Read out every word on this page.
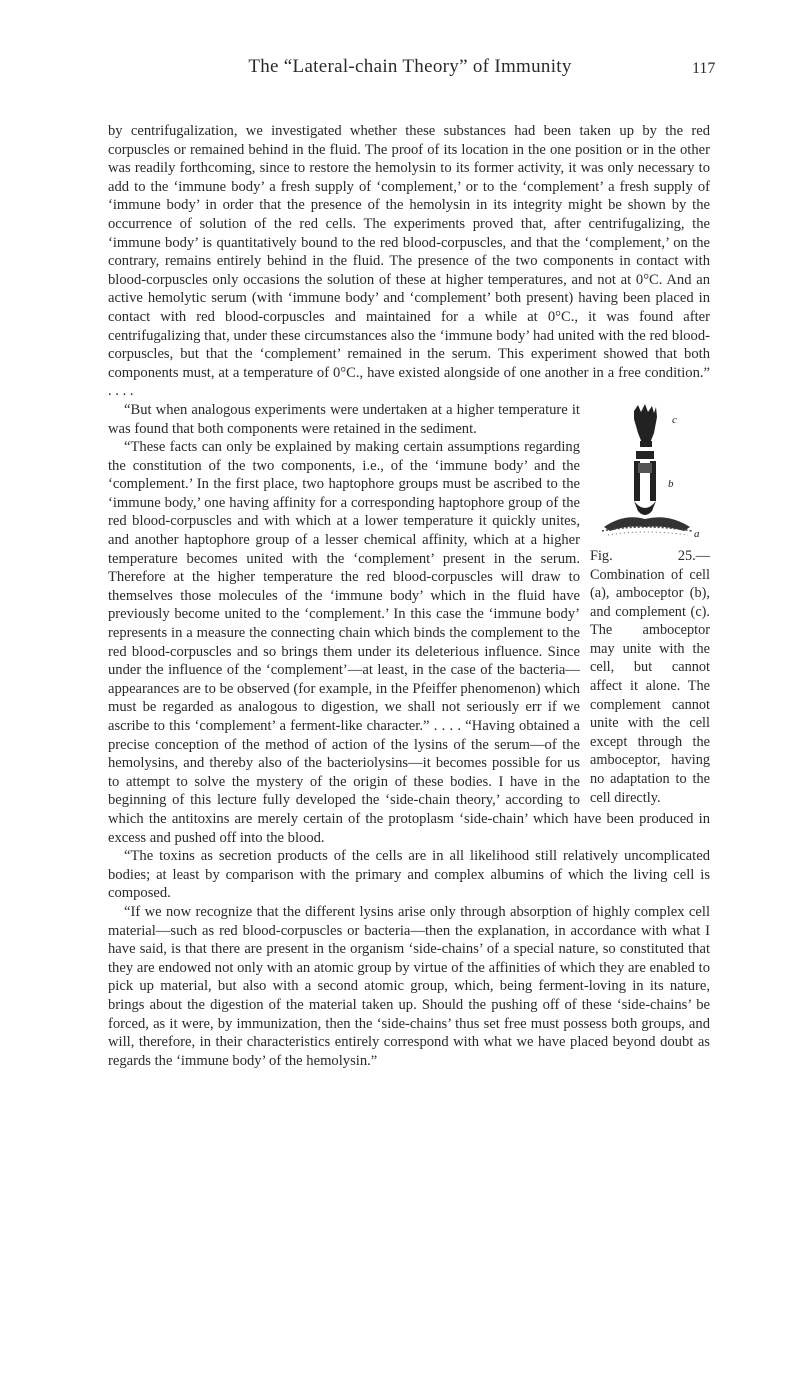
The “Lateral-chain Theory” of Immunity	117

by centrifugalization, we investigated whether these substances had been taken up by the red corpuscles or remained behind in the fluid. The proof of its location in the one position or in the other was readily forthcoming, since to restore the hemolysin to its former activity, it was only necessary to add to the ‘immune body’ a fresh supply of ‘complement,’ or to the ‘complement’ a fresh supply of ‘immune body’ in order that the presence of the hemolysin in its integrity might be shown by the occurrence of solution of the red cells. The experiments proved that, after centrifugalizing, the ‘immune body’ is quantitatively bound to the red blood-corpuscles, and that the ‘complement,’ on the contrary, remains entirely behind in the fluid. The presence of the two components in contact with blood-corpuscles only occasions the solution of these at higher temperatures, and not at 0°C. And an active hemolytic serum (with ‘immune body’ and ‘complement’ both present) having been placed in contact with red blood-corpuscles and maintained for a while at 0°C., it was found after centrifugalizing that, under these circumstances also the ‘immune body’ had united with the red blood-corpuscles, but that the ‘complement’ remained in the serum. This experiment showed that both components must, at a temperature of 0°C., have existed alongside of one another in a free condition.” . . . .

c
b
a
Fig. 25.—Combination of cell (a), amboceptor (b), and complement (c). The amboceptor may unite with the cell, but cannot affect it alone. The complement cannot unite with the cell except through the amboceptor, having no adaptation to the cell directly.

“But when analogous experiments were undertaken at a higher temperature it was found that both components were retained in the sediment.

“These facts can only be explained by making certain assumptions regarding the constitution of the two components, i.e., of the ‘immune body’ and the ‘complement.’ In the first place, two haptophore groups must be ascribed to the ‘immune body,’ one having affinity for a corresponding haptophore group of the red blood-corpuscles and with which at a lower temperature it quickly unites, and another haptophore group of a lesser chemical affinity, which at a higher temperature becomes united with the ‘complement’ present in the serum. Therefore at the higher temperature the red blood-corpuscles will draw to themselves those molecules of the ‘immune body’ which in the fluid have previously become united to the ‘complement.’ In this case the ‘immune body’ represents in a measure the connecting chain which binds the complement to the red blood-corpuscles and so brings them under its deleterious influence. Since under the influence of the ‘complement’—at least, in the case of the bacteria—appearances are to be observed (for example, in the Pfeiffer phenomenon) which must be regarded as analogous to digestion, we shall not seriously err if we ascribe to this ‘complement’ a ferment-like character.” . . . . “Having obtained a precise conception of the method of action of the lysins of the serum—of the hemolysins, and thereby also of the bacteriolysins—it becomes possible for us to attempt to solve the mystery of the origin of these bodies. I have in the beginning of this lecture fully developed the ‘side-chain theory,’ according to which the antitoxins are merely certain of the protoplasm ‘side-chain’ which have been produced in excess and pushed off into the blood.

“The toxins as secretion products of the cells are in all likelihood still relatively uncomplicated bodies; at least by comparison with the primary and complex albumins of which the living cell is composed.

“If we now recognize that the different lysins arise only through absorption of highly complex cell material—such as red blood-corpuscles or bacteria—then the explanation, in accordance with what I have said, is that there are present in the organism ‘side-chains’ of a special nature, so constituted that they are endowed not only with an atomic group by virtue of the affinities of which they are enabled to pick up material, but also with a second atomic group, which, being ferment-loving in its nature, brings about the digestion of the material taken up. Should the pushing off of these ‘side-chains’ be forced, as it were, by immunization, then the ‘side-chains’ thus set free must possess both groups, and will, therefore, in their characteristics entirely correspond with what we have placed beyond doubt as regards the ‘immune body’ of the hemolysin.”
